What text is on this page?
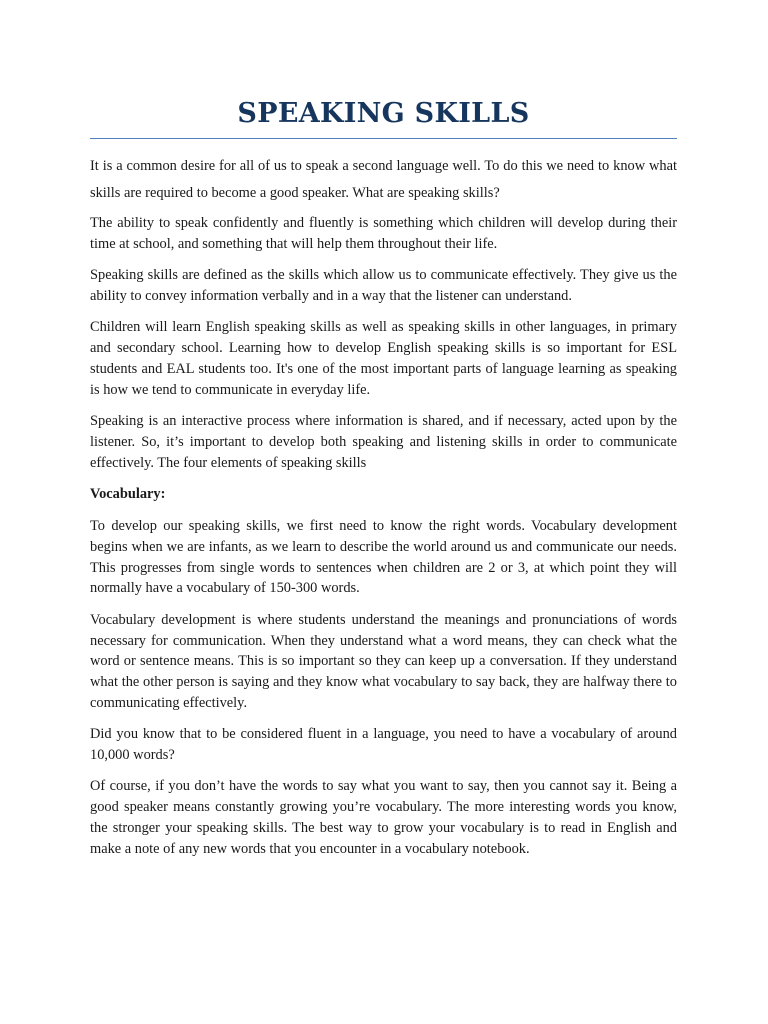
SPEAKING SKILLS

It is a common desire for all of us to speak a second language well. To do this we need to know what skills are required to become a good speaker. What are speaking skills?

The ability to speak confidently and fluently is something which children will develop during their time at school, and something that will help them throughout their life.

Speaking skills are defined as the skills which allow us to communicate effectively. They give us the ability to convey information verbally and in a way that the listener can understand.

Children will learn English speaking skills as well as speaking skills in other languages, in primary and secondary school. Learning how to develop English speaking skills is so important for ESL students and EAL students too. It's one of the most important parts of language learning as speaking is how we tend to communicate in everyday life.

Speaking is an interactive process where information is shared, and if necessary, acted upon by the listener. So, it’s important to develop both speaking and listening skills in order to communicate effectively. The four elements of speaking skills

Vocabulary:

To develop our speaking skills, we first need to know the right words. Vocabulary development begins when we are infants, as we learn to describe the world around us and communicate our needs. This progresses from single words to sentences when children are 2 or 3, at which point they will normally have a vocabulary of 150-300 words.

Vocabulary development is where students understand the meanings and pronunciations of words necessary for communication. When they understand what a word means, they can check what the word or sentence means. This is so important so they can keep up a conversation. If they understand what the other person is saying and they know what vocabulary to say back, they are halfway there to communicating effectively.

Did you know that to be considered fluent in a language, you need to have a vocabulary of around 10,000 words?

Of course, if you don’t have the words to say what you want to say, then you cannot say it. Being a good speaker means constantly growing you’re vocabulary. The more interesting words you know, the stronger your speaking skills. The best way to grow your vocabulary is to read in English and make a note of any new words that you encounter in a vocabulary notebook.
